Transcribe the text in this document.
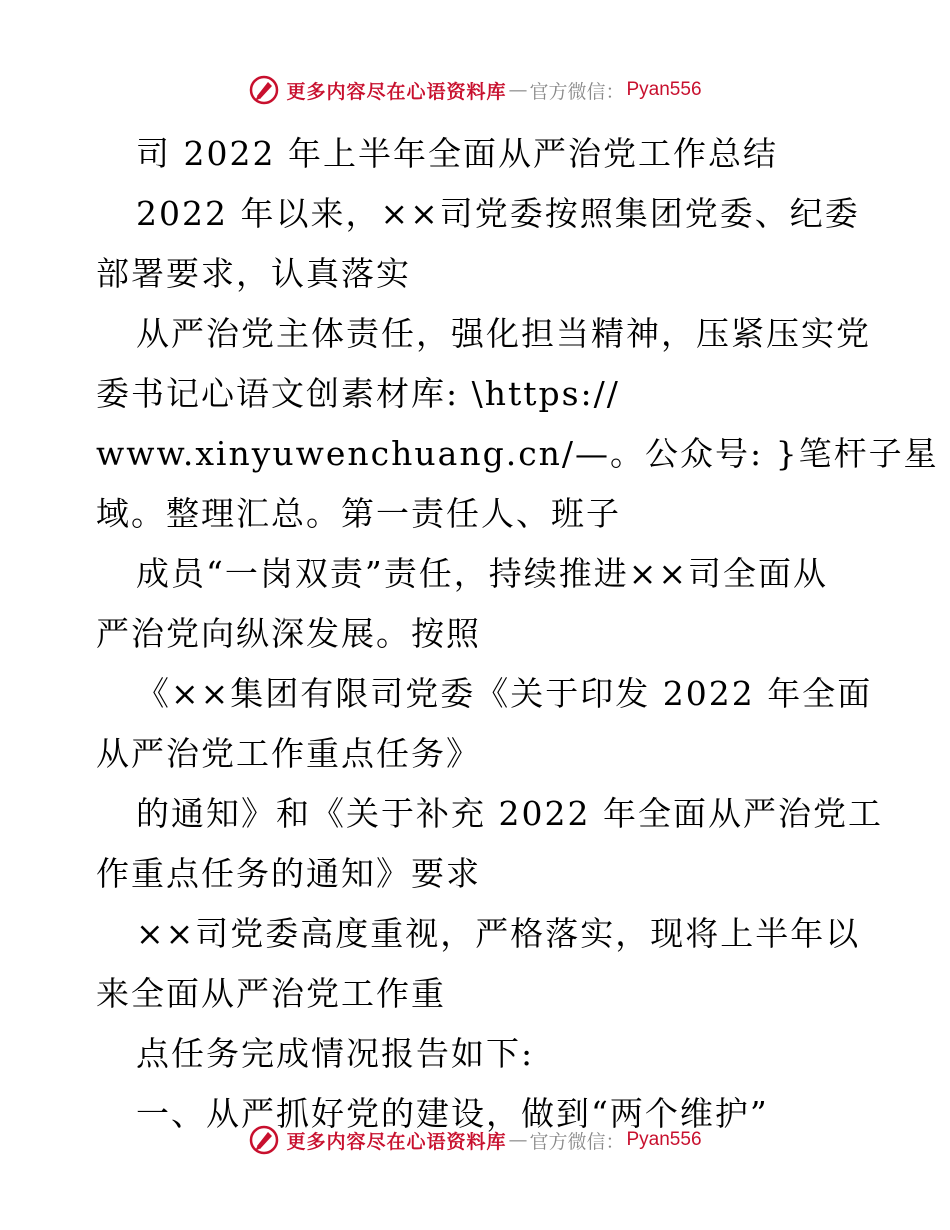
更多内容尽在心语资料库 — 官方微信： Pyan556
司 2022 年上半年全面从严治党工作总结
2022 年以来，××司党委按照集团党委、纪委
部署要求，认真落实
从严治党主体责任，强化担当精神，压紧压实党
委书记心语文创素材库: \https://
www.xinyuwenchuang.cn/—。公众号: }笔杆子星
域。整理汇总。第一责任人、班子
成员“一岗双责”责任，持续推进××司全面从
严治党向纵深发展。按照
《××集团有限司党委《关于印发 2022 年全面
从严治党工作重点任务》
的通知》和《关于补充 2022 年全面从严治党工
作重点任务的通知》要求
××司党委高度重视，严格落实，现将上半年以
来全面从严治党工作重
点任务完成情况报告如下:
一、从严抓好党的建设，做到“两个维护”
更多内容尽在心语资料库 — 官方微信： Pyan556
